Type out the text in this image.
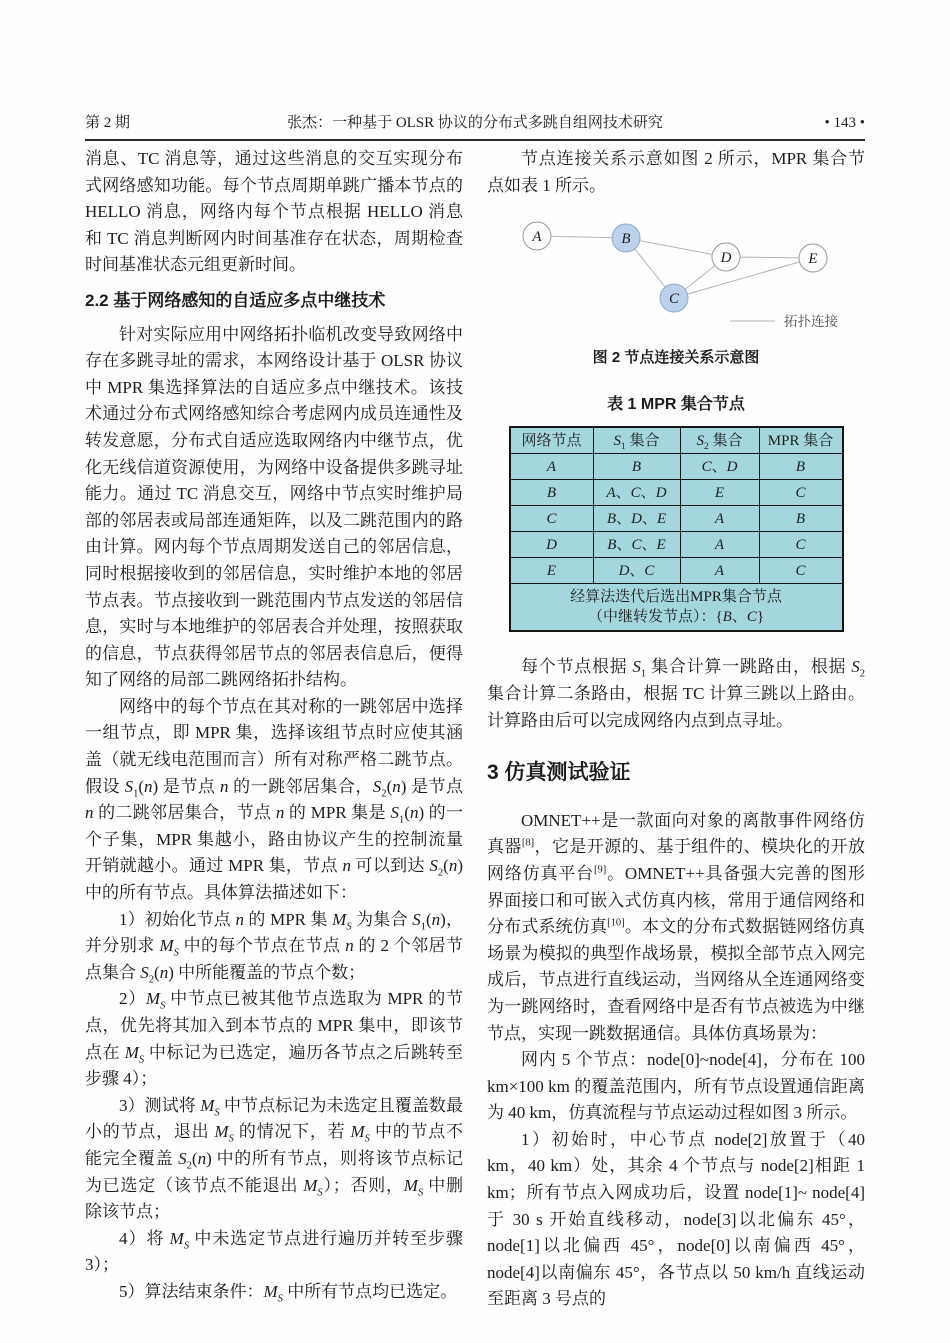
第 2 期	张杰：一种基于 OLSR 协议的分布式多跳自组网技术研究	• 143 •

消息、TC 消息等，通过这些消息的交互实现分布式网络感知功能。每个节点周期单跳广播本节点的 HELLO 消息，网络内每个节点根据 HELLO 消息和 TC 消息判断网内时间基准存在状态，周期检查时间基准状态元组更新时间。

2.2 基于网络感知的自适应多点中继技术

针对实际应用中网络拓扑临机改变导致网络中存在多跳寻址的需求，本网络设计基于 OLSR 协议中 MPR 集选择算法的自适应多点中继技术。该技术通过分布式网络感知综合考虑网内成员连通性及转发意愿，分布式自适应选取网络内中继节点，优化无线信道资源使用，为网络中设备提供多跳寻址能力。通过 TC 消息交互，网络中节点实时维护局部的邻居表或局部连通矩阵，以及二跳范围内的路由计算。网内每个节点周期发送自己的邻居信息，同时根据接收到的邻居信息，实时维护本地的邻居节点表。节点接收到一跳范围内节点发送的邻居信息，实时与本地维护的邻居表合并处理，按照获取的信息，节点获得邻居节点的邻居表信息后，便得知了网络的局部二跳网络拓扑结构。

网络中的每个节点在其对称的一跳邻居中选择一组节点，即 MPR 集，选择该组节点时应使其涵盖（就无线电范围而言）所有对称严格二跳节点。假设 $S_1(n)$ 是节点 n 的一跳邻居集合，$S_2(n)$ 是节点 n 的二跳邻居集合，节点 n 的 MPR 集是 $S_1(n)$ 的一个子集，MPR 集越小，路由协议产生的控制流量开销就越小。通过 MPR 集，节点 n 可以到达 $S_2(n)$ 中的所有节点。具体算法描述如下：

1）初始化节点 n 的 MPR 集 $M_S$ 为集合 $S_1(n)$，并分别求 $M_S$ 中的每个节点在节点 n 的 2 个邻居节点集合 $S_2(n)$ 中所能覆盖的节点个数；

$2)M_S$ 中节点已被其他节点选取为 MPR 的节点，优先将其加入到本节点的 MPR 集中，即该节点在 $M_S$ 中标记为已选定，遍历各节点之后跳转至步骤 4）；

3）测试将 $M_S$ 中节点标记为未选定且覆盖数最小的节点，退出 $M_S$ 的情况下，若 $M_S$ 中的节点不能完全覆盖 $S_2(n)$ 中的所有节点，则将该节点标记为已选定（该节点不能退出 $M_S$）；否则，$M_S$ 中删除该节点；

4）将 $M_S$ 中未选定节点进行遍历并转至步骤 3）；

5）算法结束条件：$M_S$ 中所有节点均已选定。

节点连接关系示意如图 2 所示，MPR 集合节点如表 1 所示。

A	B
D	E
C
拓扑连接

图 2 节点连接关系示意图

表 1 MPR 集合节点

网络节点	$S_1$ 集合	$S_2$ 集合	MPR 集合
A	B	C、D	B
B	A、C、D	E	C
C	B、D、E	A	B
D	B、C、E	A	C
E	D、C	A	C

经算法迭代后选出MPR集合节点
（中继转发节点）：{B、C}			

每个节点根据 $S_1$ 集合计算一跳路由，根据 $S_2$ 集合计算二条路由，根据 TC 计算三跳以上路由。计算路由后可以完成网络内点到点寻址。

3 仿真测试验证

OMNET++是一款面向对象的离散事件网络仿真器[8]，它是开源的、基于组件的、模块化的开放网络仿真平台[9]。OMNET++具备强大完善的图形界面接口和可嵌入式仿真内核，常用于通信网络和分布式系统仿真[10]。本文的分布式数据链网络仿真场景为模拟的典型作战场景，模拟全部节点入网完成后，节点进行直线运动，当网络从全连通网络变为一跳网络时，查看网络中是否有节点被选为中继节点，实现一跳数据通信。具体仿真场景为：

网内 5 个节点：node[0]~node[4]，分布在 100 km×100 km 的覆盖范围内，所有节点设置通信距离为 40 km，仿真流程与节点运动过程如图 3 所示。

1）初始时，中心节点 node[2]放置于（40 km，40 km）处，其余 4 个节点与 node[2]相距 1 km；所有节点入网成功后，设置 node[1]~ node[4]于 30 s 开始直线移动，node[3]以北偏东 45°，node[1]以北偏西 45°，node[0]以南偏西 45°，node[4]以南偏东 45°，各节点以 50 km/h 直线运动至距离 3 号点的
